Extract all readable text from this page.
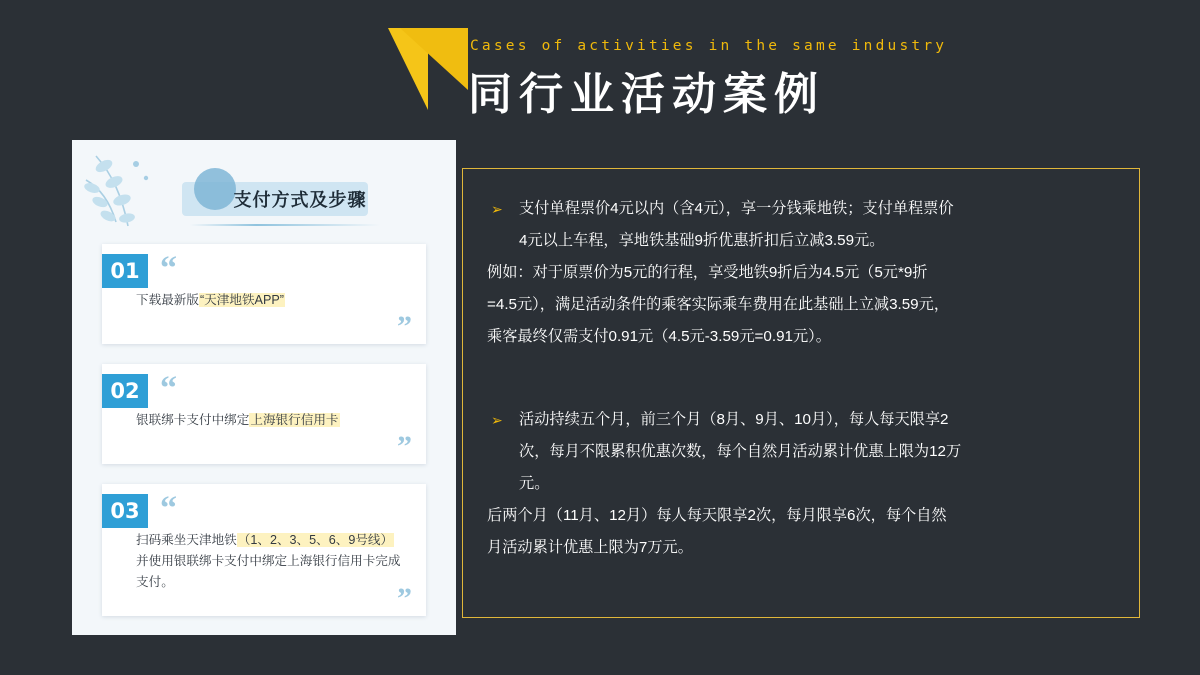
Cases of activities in the same industry
同行业活动案例
支付方式及步骤
01 “
下载最新版“天津地铁APP”
”
02 “
银联绑卡支付中绑定上海银行信用卡
”
03 “
扫码乘坐天津地铁（1、2、3、5、6、9号线）并使用银联绑卡支付中绑定上海银行信用卡完成支付。	”
➢ 支付单程票价4元以内（含4元），享一分钱乘地铁；支付单程票价
4元以上车程，享地铁基础9折优惠折扣后立减3.59元。
例如：对于原票价为5元的行程，享受地铁9折后为4.5元（5元*9折
=4.5元），满足活动条件的乘客实际乘车费用在此基础上立减3.59元，
乘客最终仅需支付0.91元（4.5元-3.59元=0.91元）。
➢ 活动持续五个月，前三个月（8月、9月、10月），每人每天限享2
次，每月不限累积优惠次数，每个自然月活动累计优惠上限为12万
元。
后两个月（11月、12月）每人每天限享2次，每月限享6次，每个自然
月活动累计优惠上限为7万元。
